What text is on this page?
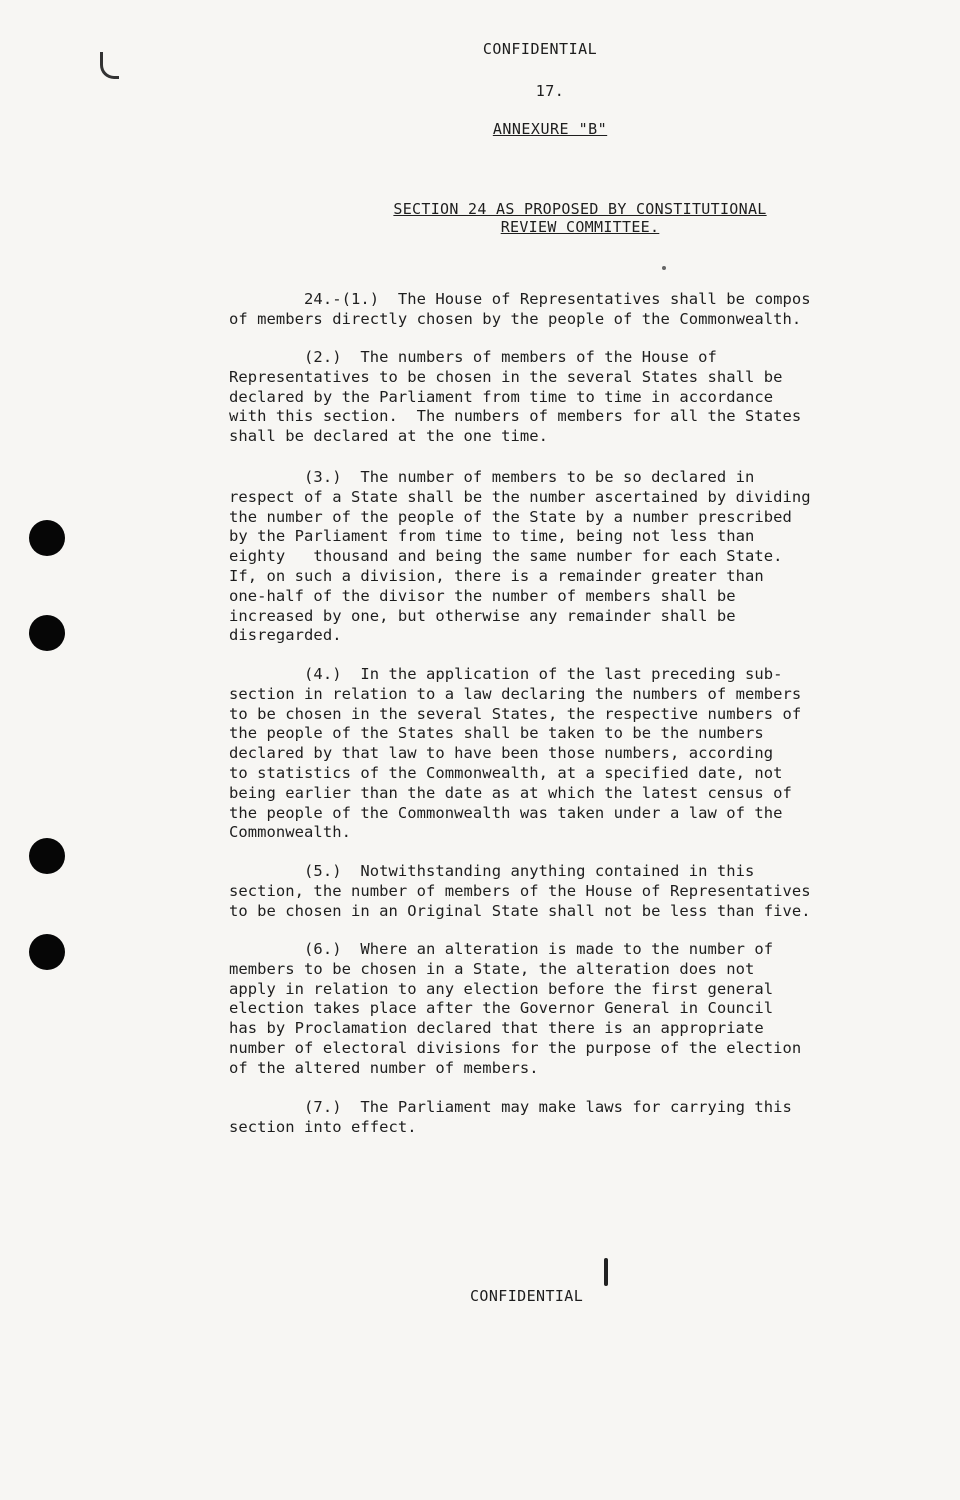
CONFIDENTIAL
17.
ANNEXURE "B"
SECTION 24 AS PROPOSED BY CONSTITUTIONAL
REVIEW COMMITTEE.
24.-(1.)  The House of Representatives shall be compos
of members directly chosen by the people of the Commonwealth.
(2.)  The numbers of members of the House of
Representatives to be chosen in the several States shall be
declared by the Parliament from time to time in accordance
with this section.  The numbers of members for all the States
shall be declared at the one time.
(3.)  The number of members to be so declared in
respect of a State shall be the number ascertained by dividing
the number of the people of the State by a number prescribed
by the Parliament from time to time, being not less than
eighty   thousand and being the same number for each State.
If, on such a division, there is a remainder greater than
one-half of the divisor the number of members shall be
increased by one, but otherwise any remainder shall be
disregarded.
(4.)  In the application of the last preceding sub-
section in relation to a law declaring the numbers of members
to be chosen in the several States, the respective numbers of
the people of the States shall be taken to be the numbers
declared by that law to have been those numbers, according
to statistics of the Commonwealth, at a specified date, not
being earlier than the date as at which the latest census of
the people of the Commonwealth was taken under a law of the
Commonwealth.
(5.)  Notwithstanding anything contained in this
section, the number of members of the House of Representatives
to be chosen in an Original State shall not be less than five.
(6.)  Where an alteration is made to the number of
members to be chosen in a State, the alteration does not
apply in relation to any election before the first general
election takes place after the Governor General in Council
has by Proclamation declared that there is an appropriate
number of electoral divisions for the purpose of the election
of the altered number of members.
(7.)  The Parliament may make laws for carrying this
section into effect.
CONFIDENTIAL
